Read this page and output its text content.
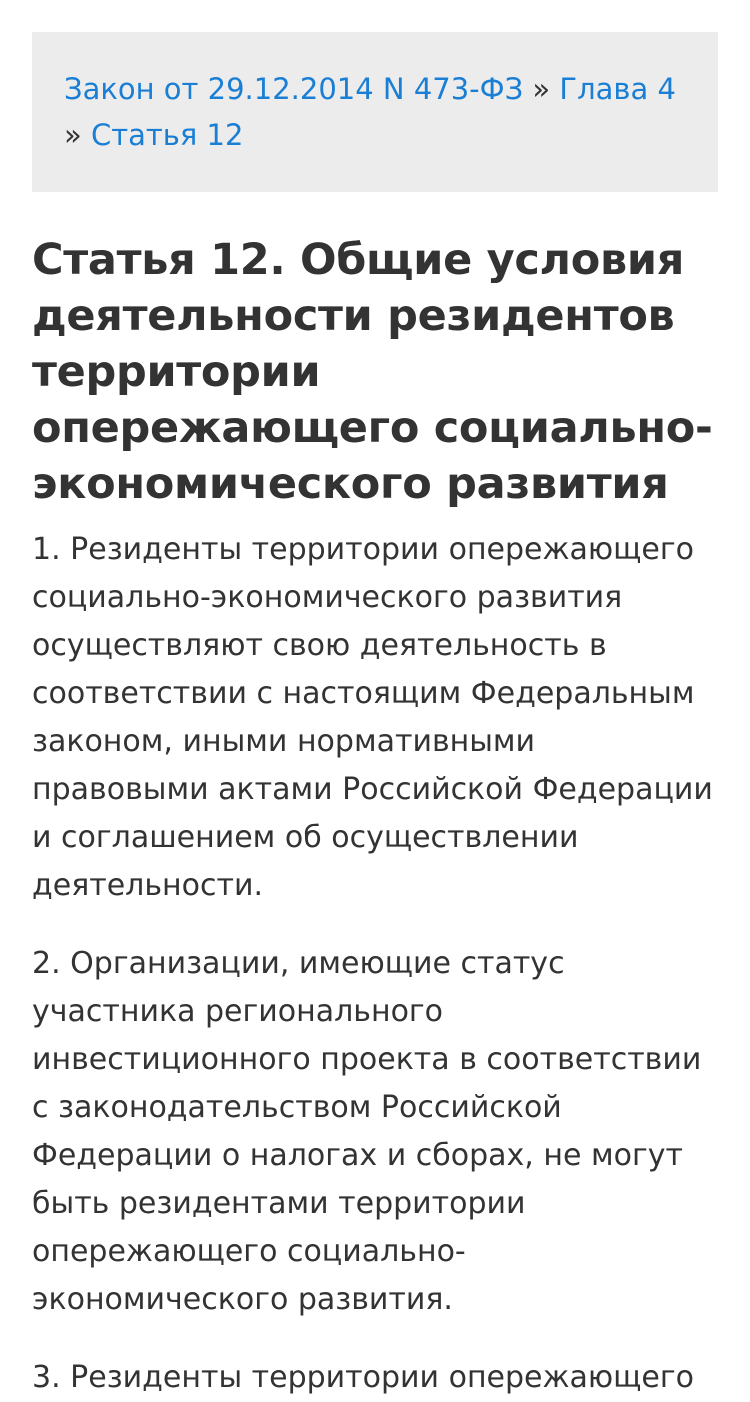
Закон от 29.12.2014 N 473-ФЗ » Глава 4 » Статья 12
Статья 12. Общие условия деятельности резидентов территории опережающего социально-экономического развития

1. Резиденты территории опережающего социально-экономического развития осуществляют свою деятельность в соответствии с настоящим Федеральным законом, иными нормативными правовыми актами Российской Федерации и соглашением об осуществлении деятельности.

2. Организации, имеющие статус участника регионального инвестиционного проекта в соответствии с законодательством Российской Федерации о налогах и сборах, не могут быть резидентами территории опережающего социально-экономического развития.

3. Резиденты территории опережающего
